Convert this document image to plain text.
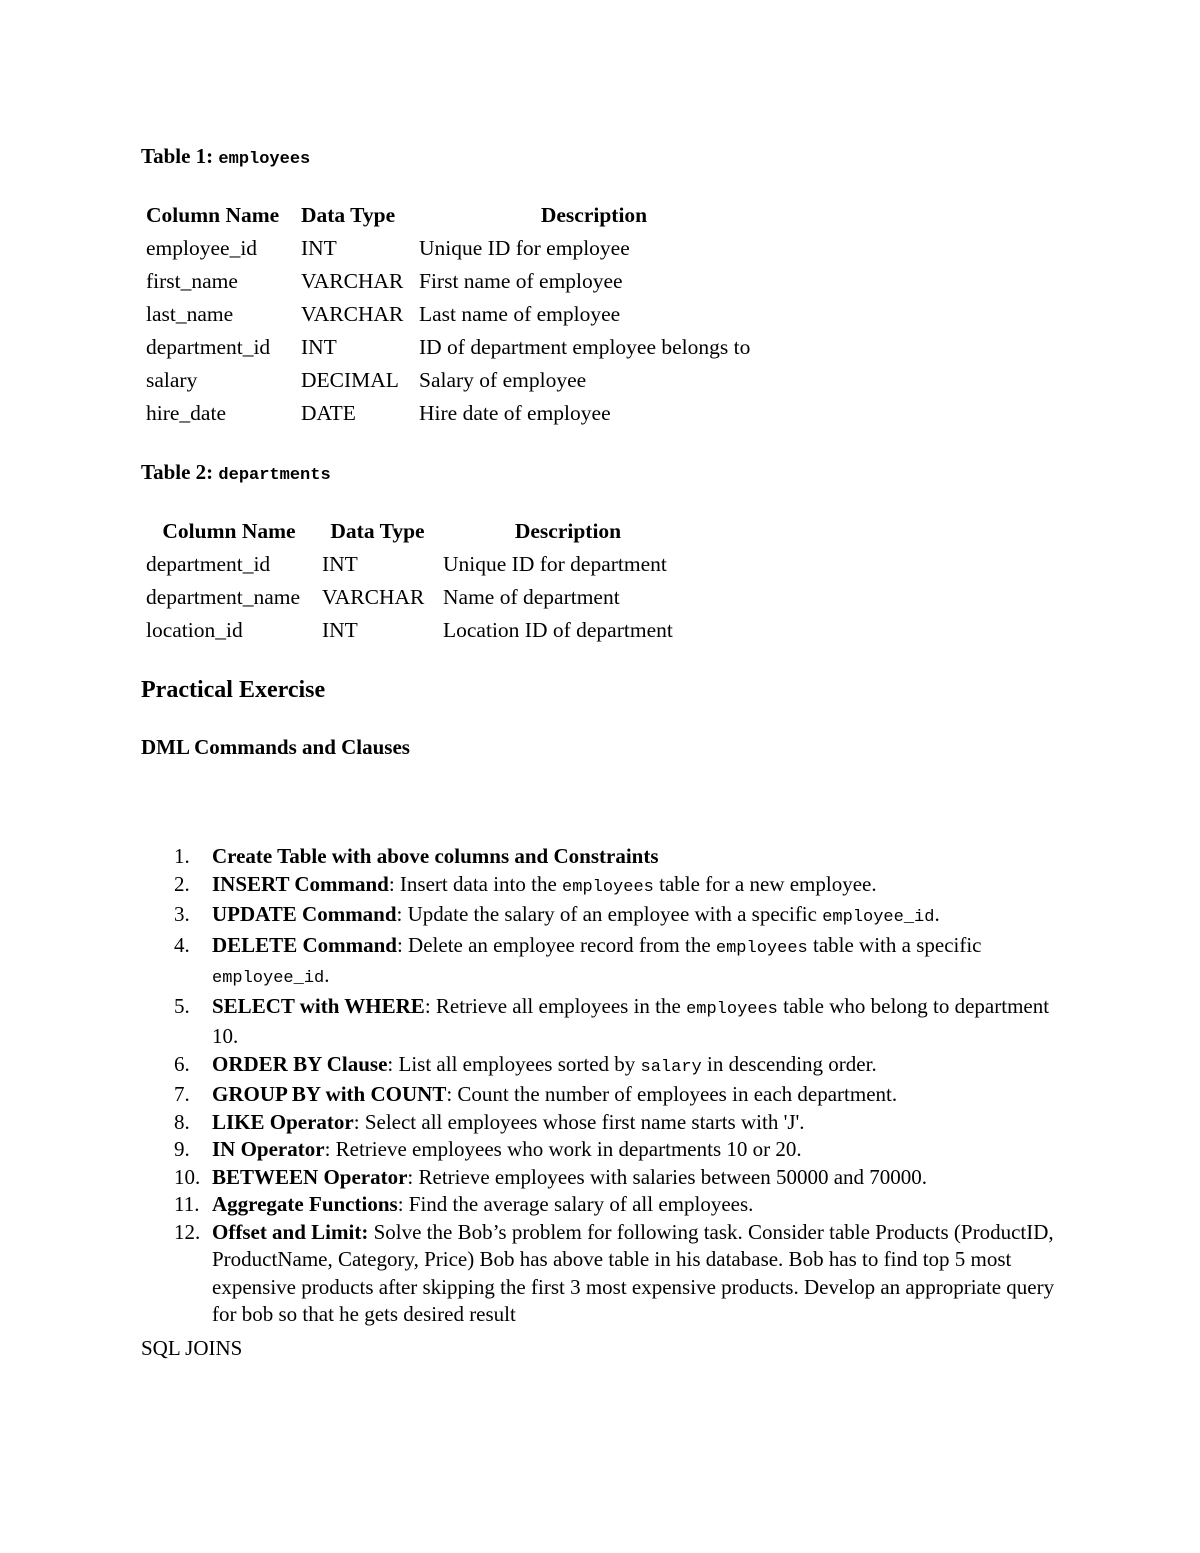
Table 1: employees
Column Name	Data Type	Description
employee_id	INT	Unique ID for employee
first_name	VARCHAR	First name of employee
last_name	VARCHAR	Last name of employee
department_id	INT	ID of department employee belongs to
salary	DECIMAL	Salary of employee
hire_date	DATE	Hire date of employee
Table 2: departments
Column Name	Data Type	Description
department_id	INT	Unique ID for department
department_name	VARCHAR	Name of department
location_id	INT	Location ID of department
Practical Exercise
DML Commands and Clauses
1. Create Table with above columns and Constraints
2. INSERT Command: Insert data into the employees table for a new employee.
3. UPDATE Command: Update the salary of an employee with a specific employee_id.
4. DELETE Command: Delete an employee record from the employees table with a specific employee_id.
5. SELECT with WHERE: Retrieve all employees in the employees table who belong to department 10.
6. ORDER BY Clause: List all employees sorted by salary in descending order.
7. GROUP BY with COUNT: Count the number of employees in each department.
8. LIKE Operator: Select all employees whose first name starts with 'J'.
9. IN Operator: Retrieve employees who work in departments 10 or 20.
10. BETWEEN Operator: Retrieve employees with salaries between 50000 and 70000.
11. Aggregate Functions: Find the average salary of all employees.
12. Offset and Limit: Solve the Bob’s problem for following task. Consider table Products (ProductID, ProductName, Category, Price) Bob has above table in his database. Bob has to find top 5 most expensive products after skipping the first 3 most expensive products. Develop an appropriate query for bob so that he gets desired result
SQL JOINS
